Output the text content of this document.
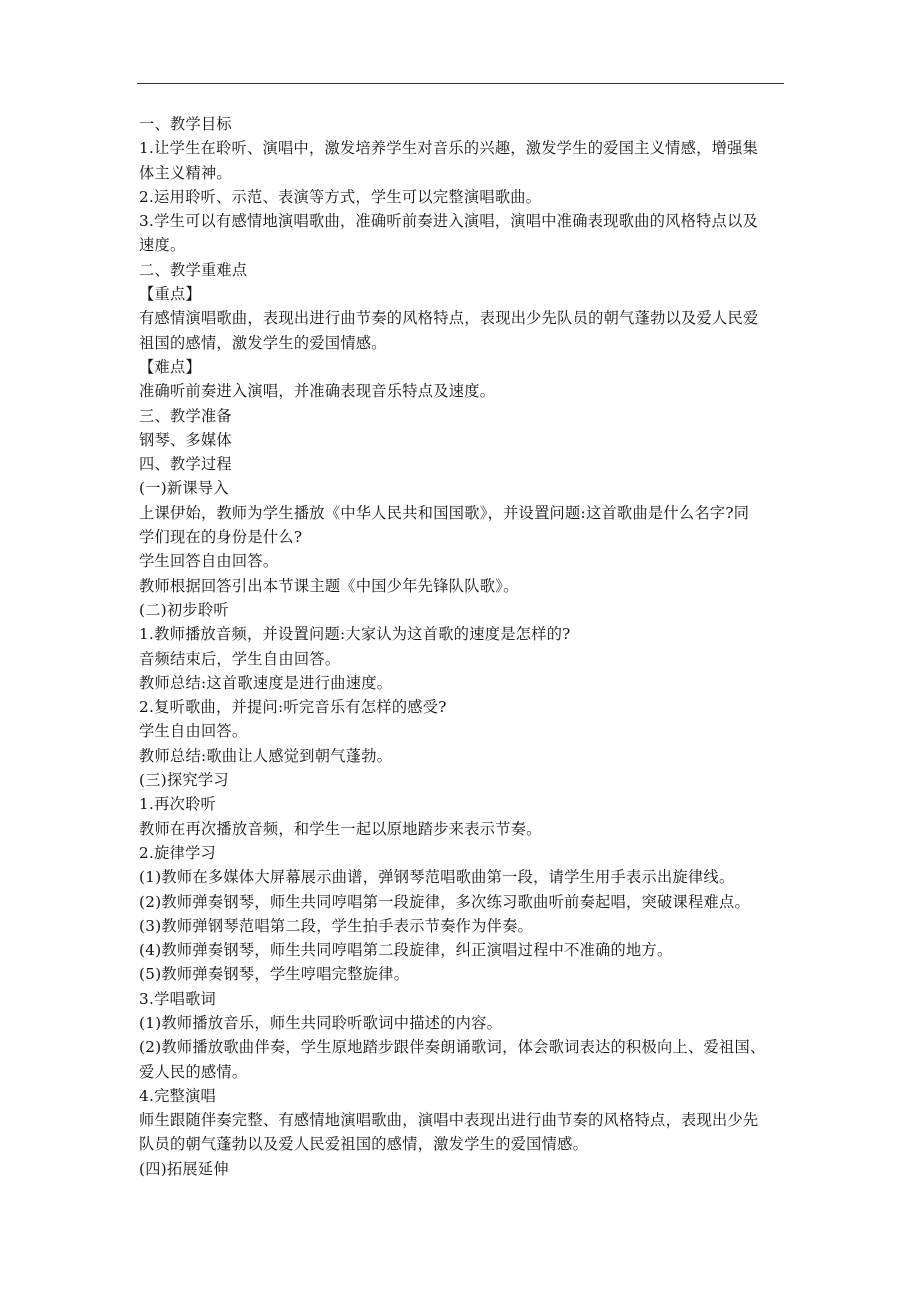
一、教学目标
1.让学生在聆听、演唱中，激发培养学生对音乐的兴趣，激发学生的爱国主义情感，增强集
体主义精神。
2.运用聆听、示范、表演等方式，学生可以完整演唱歌曲。
3.学生可以有感情地演唱歌曲，准确听前奏进入演唱，演唱中准确表现歌曲的风格特点以及
速度。
二、教学重难点
【重点】
有感情演唱歌曲，表现出进行曲节奏的风格特点，表现出少先队员的朝气蓬勃以及爱人民爱
祖国的感情，激发学生的爱国情感。
【难点】
准确听前奏进入演唱，并准确表现音乐特点及速度。
三、教学准备
钢琴、多媒体
四、教学过程
(一)新课导入
上课伊始，教师为学生播放《中华人民共和国国歌》，并设置问题:这首歌曲是什么名字?同
学们现在的身份是什么?
学生回答自由回答。
教师根据回答引出本节课主题《中国少年先锋队队歌》。
(二)初步聆听
1.教师播放音频，并设置问题:大家认为这首歌的速度是怎样的?
音频结束后，学生自由回答。
教师总结:这首歌速度是进行曲速度。
2.复听歌曲，并提问:听完音乐有怎样的感受?
学生自由回答。
教师总结:歌曲让人感觉到朝气蓬勃。
(三)探究学习
1.再次聆听
教师在再次播放音频，和学生一起以原地踏步来表示节奏。
2.旋律学习
(1)教师在多媒体大屏幕展示曲谱，弹钢琴范唱歌曲第一段，请学生用手表示出旋律线。
(2)教师弹奏钢琴，师生共同哼唱第一段旋律，多次练习歌曲听前奏起唱，突破课程难点。
(3)教师弹钢琴范唱第二段，学生拍手表示节奏作为伴奏。
(4)教师弹奏钢琴，师生共同哼唱第二段旋律，纠正演唱过程中不准确的地方。
(5)教师弹奏钢琴，学生哼唱完整旋律。
3.学唱歌词
(1)教师播放音乐，师生共同聆听歌词中描述的内容。
(2)教师播放歌曲伴奏，学生原地踏步跟伴奏朗诵歌词，体会歌词表达的积极向上、爱祖国、
爱人民的感情。
4.完整演唱
师生跟随伴奏完整、有感情地演唱歌曲，演唱中表现出进行曲节奏的风格特点，表现出少先
队员的朝气蓬勃以及爱人民爱祖国的感情，激发学生的爱国情感。
(四)拓展延伸
